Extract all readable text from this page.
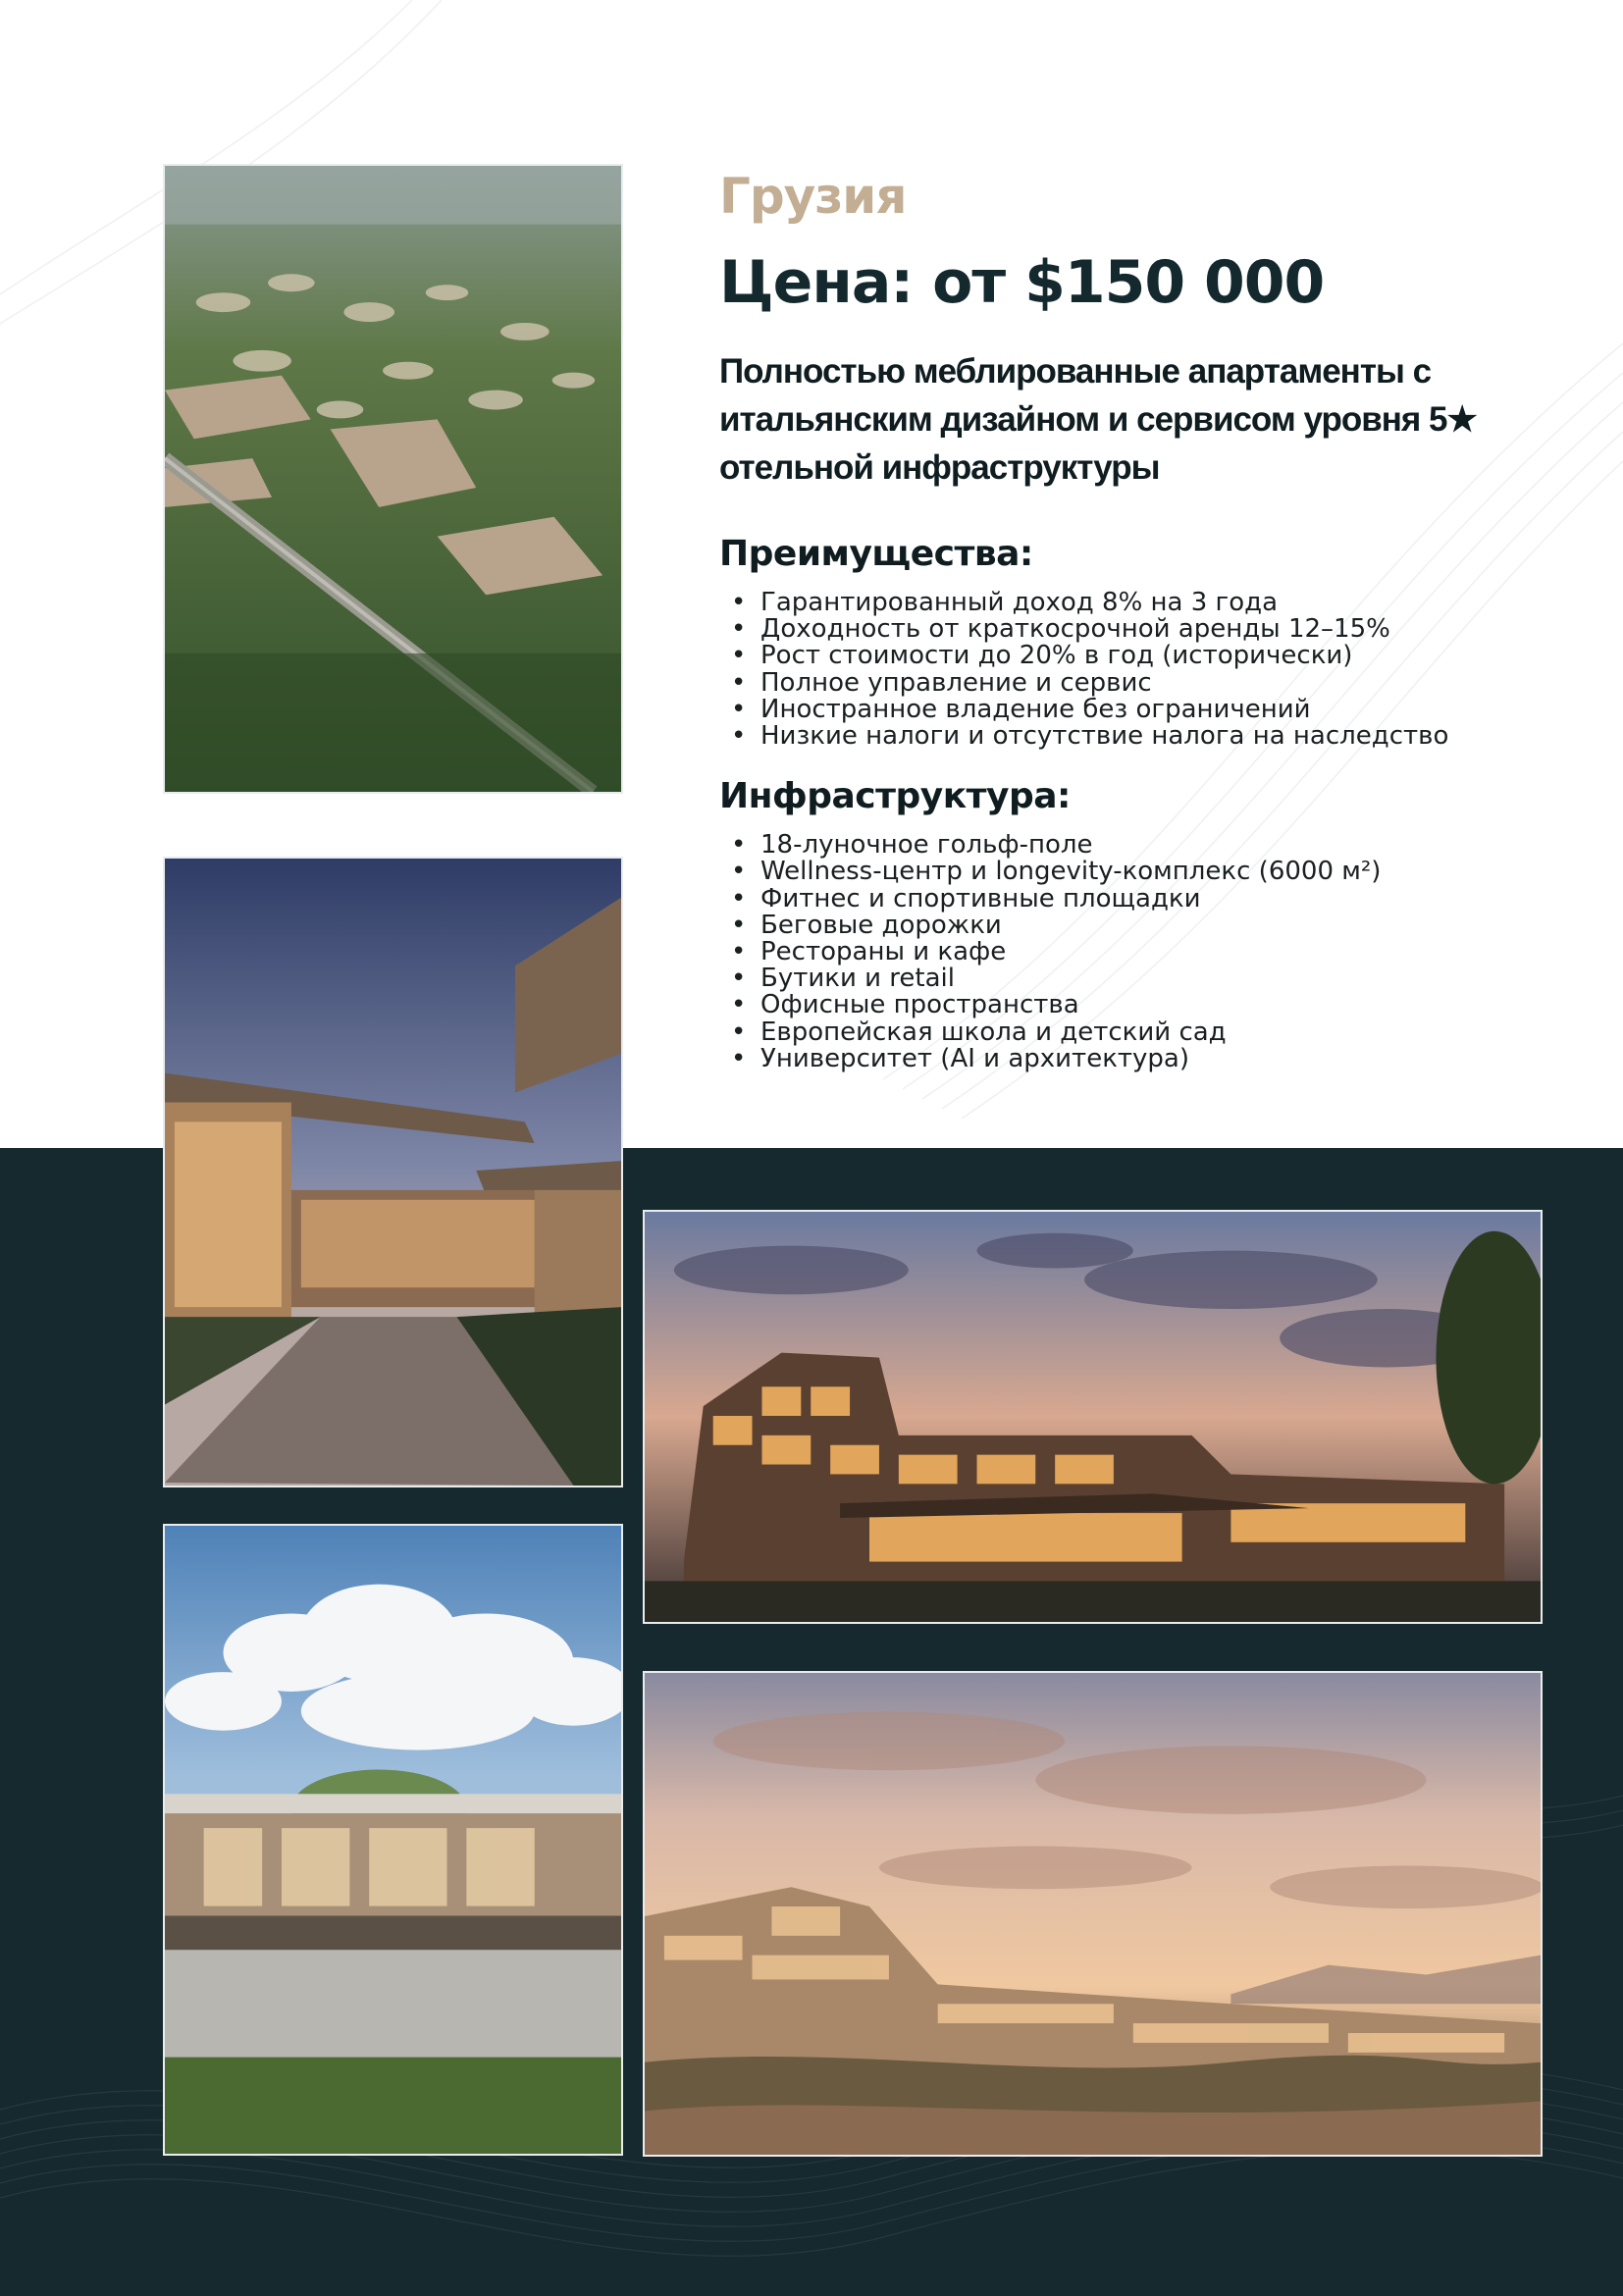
Грузия
Цена: от $150 000

Полностью меблированные апартаменты с итальянским дизайном и сервисом уровня 5★ отельной инфраструктуры

Преимущества:
• Гарантированный доход 8% на 3 года
• Доходность от краткосрочной аренды 12–15%
• Рост стоимости до 20% в год (исторически)
• Полное управление и сервис
• Иностранное владение без ограничений
• Низкие налоги и отсутствие налога на наследство
Инфраструктура:
• 18-луночное гольф-поле
• Wellness-центр и longevity-комплекс (6000 м²)
• Фитнес и спортивные площадки
• Беговые дорожки
• Рестораны и кафе
• Бутики и retail
• Офисные пространства
• Европейская школа и детский сад
• Университет (AI и архитектура)
